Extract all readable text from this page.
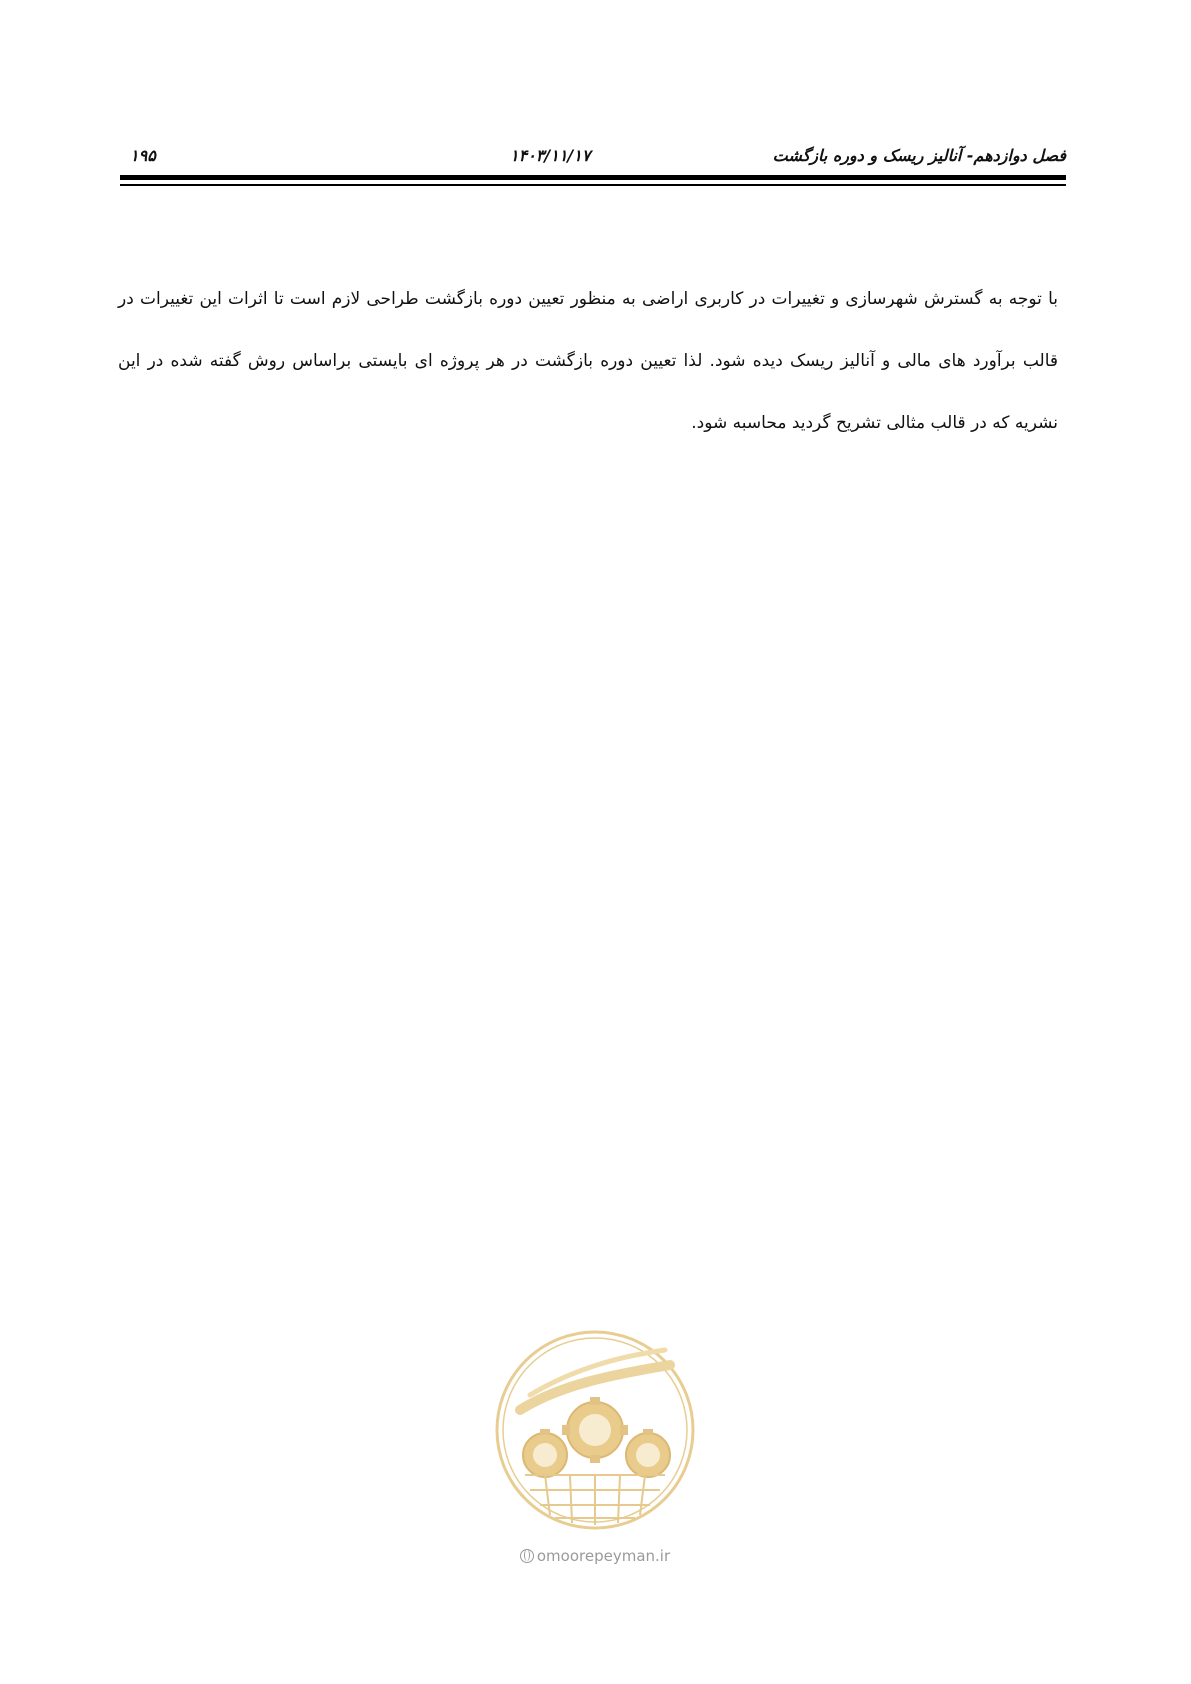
فصل دوازدهم- آنالیز ریسک و دوره بازگشت
۱۴۰۳/۱۱/۱۷
۱۹۵

با توجه به گسترش شهرسازی و تغییرات در کاربری اراضی به منظور تعیین دوره بازگشت طراحی لازم است تا اثرات این تغییرات در قالب برآورد های مالی و آنالیز ریسک دیده شود. لذا تعیین دوره بازگشت در هر پروژه ای بایستی براساس روش گفته شده در این نشریه که در قالب مثالی تشریح گردید محاسبه شود.

omoorepeyman.ir
